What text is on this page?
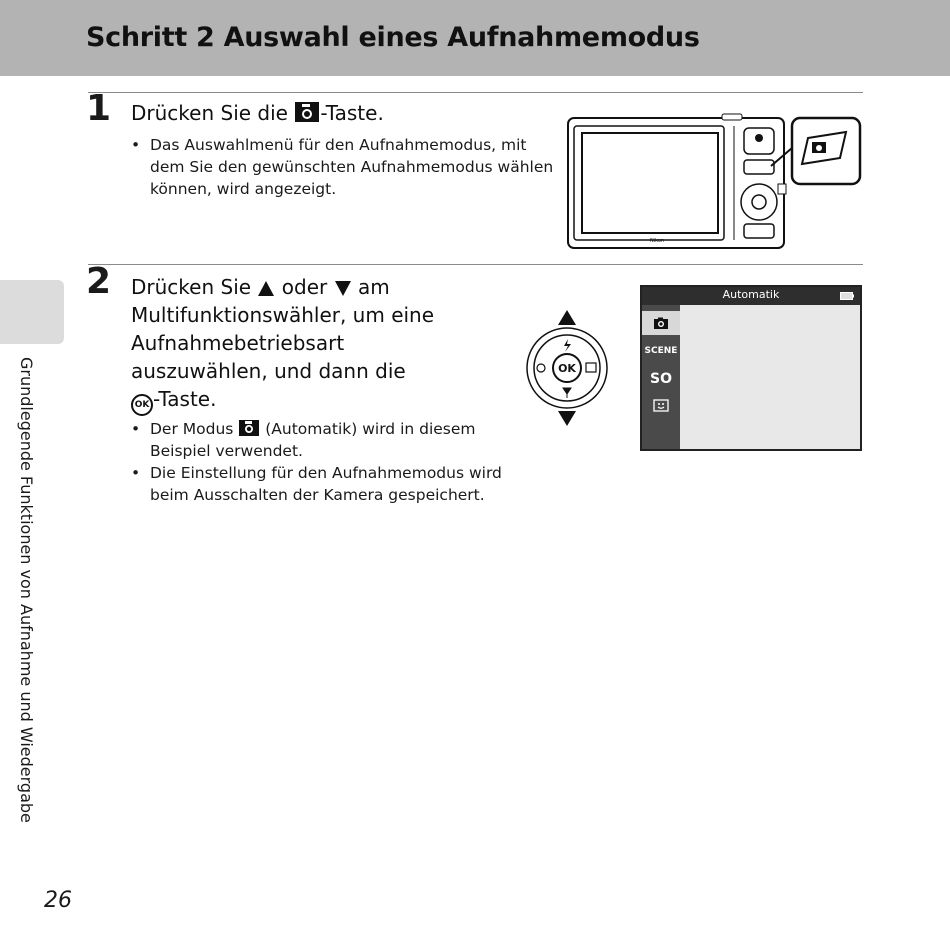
Schritt 2 Auswahl eines Aufnahmemodus
Grundlegende Funktionen von Aufnahme und Wiedergabe
26
1 Drücken Sie die -Taste.
• Das Auswahlmenü für den Aufnahmemodus, mit
dem Sie den gewünschten Aufnahmemodus wählen
können, wird angezeigt.
Nikon
2 Drücken Sie oder am
Multifunktionswähler, um eine
Aufnahmebetriebsart
auszuwählen, und dann die
OK -Taste.
• Der Modus (Automatik) wird in diesem
Beispiel verwendet.
• Die Einstellung für den Aufnahmemodus wird
beim Ausschalten der Kamera gespeichert.
OK
Automatik
SCENE
SO
